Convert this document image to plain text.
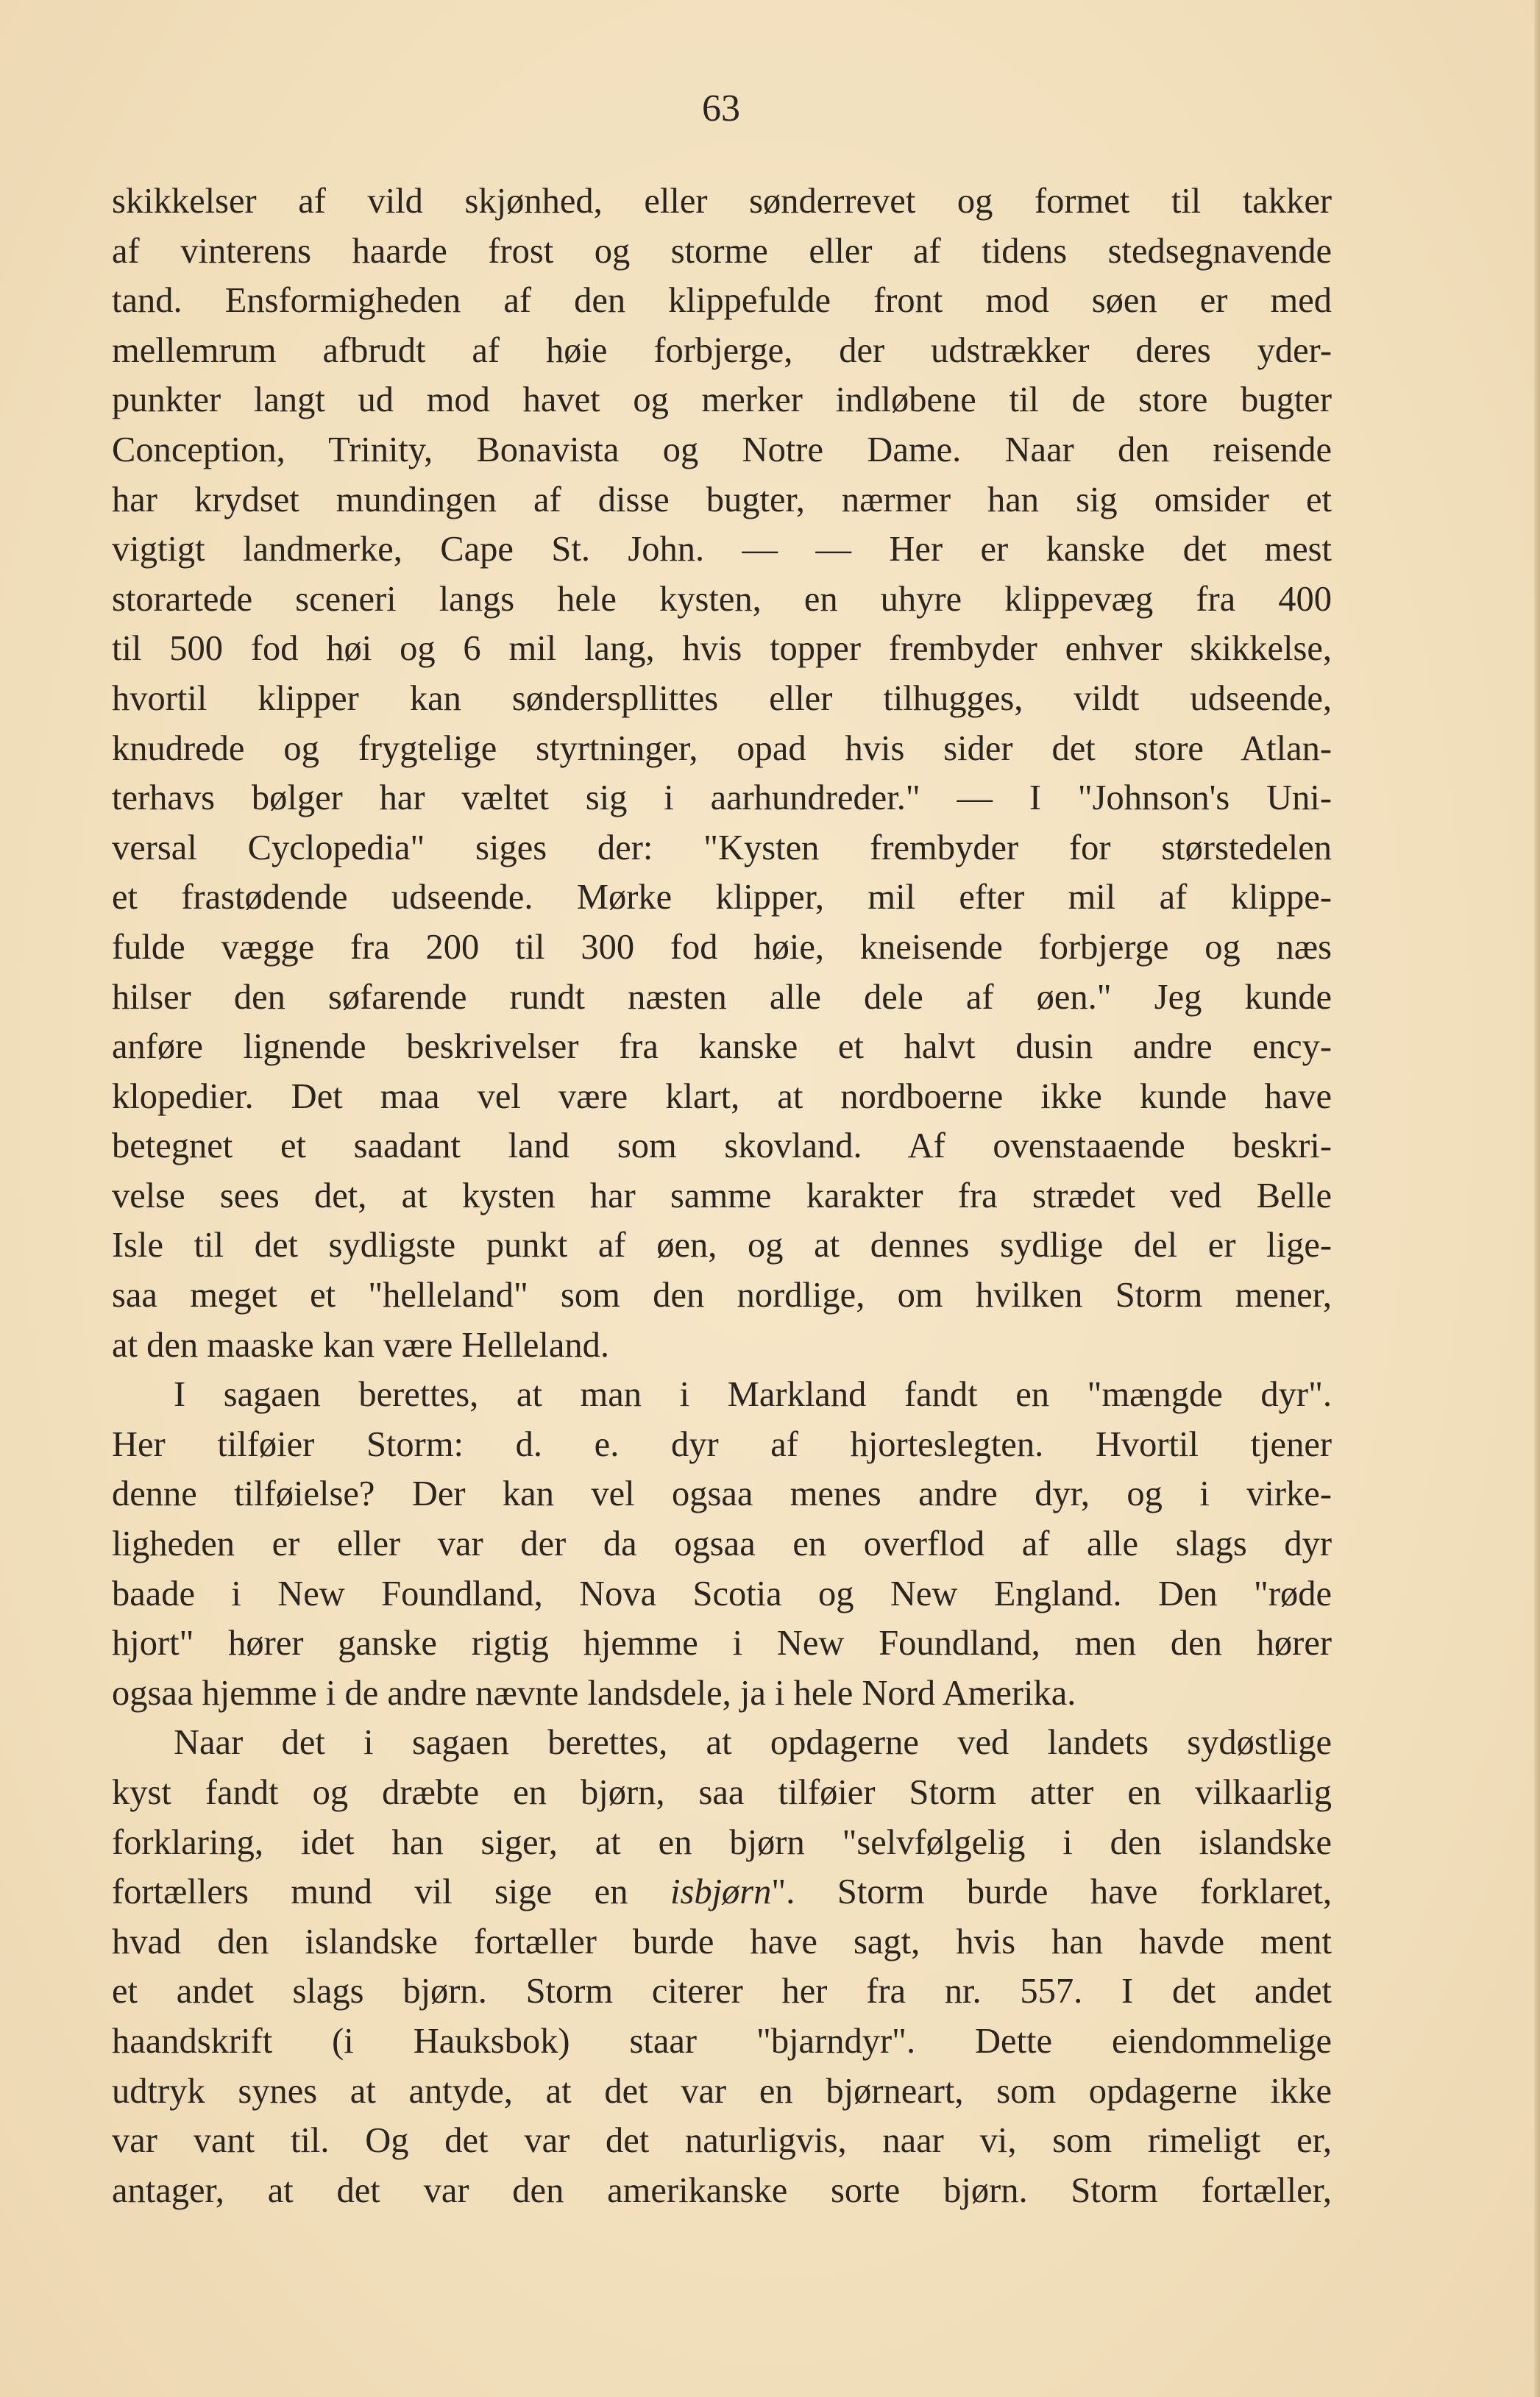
63
skikkelser af vild skjønhed, eller sønderrevet og formet til takker
af vinterens haarde frost og storme eller af tidens stedsegnavende
tand. Ensformigheden af den klippefulde front mod søen er med
mellemrum afbrudt af høie forbjerge, der udstrækker deres yder-
punkter langt ud mod havet og merker indløbene til de store bugter
Conception, Trinity, Bonavista og Notre Dame. Naar den reisende
har krydset mundingen af disse bugter, nærmer han sig omsider et
vigtigt landmerke, Cape St. John. — — Her er kanske det mest
storartede sceneri langs hele kysten, en uhyre klippevæg fra 400
til 500 fod høi og 6 mil lang, hvis topper frembyder enhver skikkelse,
hvortil klipper kan sønderspllittes eller tilhugges, vildt udseende,
knudrede og frygtelige styrtninger, opad hvis sider det store Atlan-
terhavs bølger har væltet sig i aarhundreder." — I "Johnson's Uni-
versal Cyclopedia" siges der: "Kysten frembyder for størstedelen
et frastødende udseende. Mørke klipper, mil efter mil af klippe-
fulde vægge fra 200 til 300 fod høie, kneisende forbjerge og næs
hilser den søfarende rundt næsten alle dele af øen." Jeg kunde
anføre lignende beskrivelser fra kanske et halvt dusin andre ency-
klopedier. Det maa vel være klart, at nordboerne ikke kunde have
betegnet et saadant land som skovland. Af ovenstaaende beskri-
velse sees det, at kysten har samme karakter fra strædet ved Belle
Isle til det sydligste punkt af øen, og at dennes sydlige del er lige-
saa meget et "helleland" som den nordlige, om hvilken Storm mener,
at den maaske kan være Helleland.
I sagaen berettes, at man i Markland fandt en "mængde dyr".
Her tilføier Storm: d. e. dyr af hjorteslegten. Hvortil tjener
denne tilføielse? Der kan vel ogsaa menes andre dyr, og i virke-
ligheden er eller var der da ogsaa en overflod af alle slags dyr
baade i New Foundland, Nova Scotia og New England. Den "røde
hjort" hører ganske rigtig hjemme i New Foundland, men den hører
ogsaa hjemme i de andre nævnte landsdele, ja i hele Nord Amerika.
Naar det i sagaen berettes, at opdagerne ved landets sydøstlige
kyst fandt og dræbte en bjørn, saa tilføier Storm atter en vilkaarlig
forklaring, idet han siger, at en bjørn "selvfølgelig i den islandske
fortællers mund vil sige en isbjørn". Storm burde have forklaret,
hvad den islandske fortæller burde have sagt, hvis han havde ment
et andet slags bjørn. Storm citerer her fra nr. 557. I det andet
haandskrift (i Hauksbok) staar "bjarndyr". Dette eiendommelige
udtryk synes at antyde, at det var en bjørneart, som opdagerne ikke
var vant til. Og det var det naturligvis, naar vi, som rimeligt er,
antager, at det var den amerikanske sorte bjørn. Storm fortæller,
